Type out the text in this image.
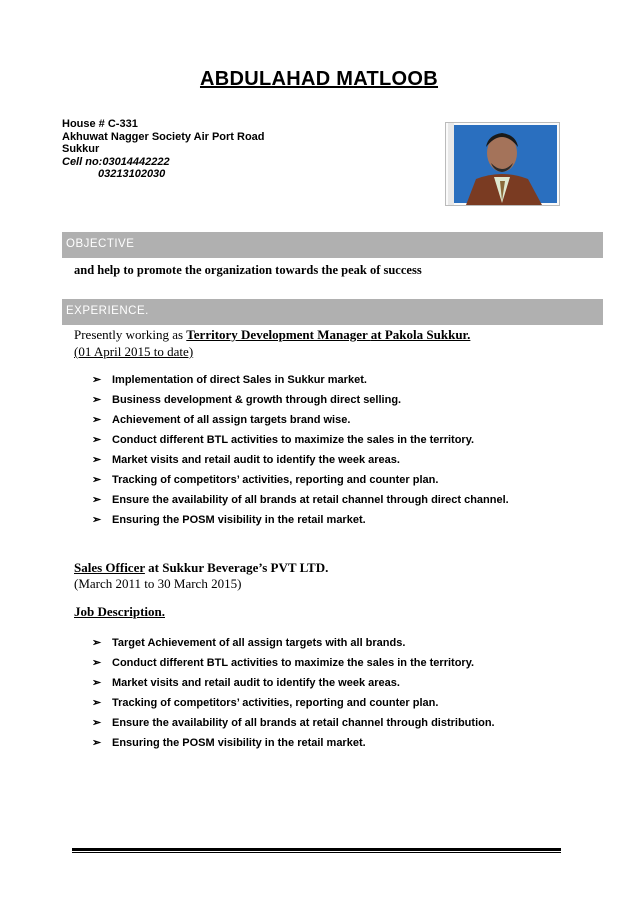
ABDULAHAD MATLOOB
House # C-331
Akhuwat Nagger Society Air Port Road
Sukkur
Cell no:03014442222
03213102030
OBJECTIVE
and help to promote the organization towards the peak of success
EXPERIENCE.
Presently working as Territory Development Manager at Pakola Sukkur.
(01 April 2015 to date)
➢ Implementation of direct Sales in Sukkur market.
➢ Business development & growth through direct selling.
➢ Achievement of all assign targets brand wise.
➢ Conduct different BTL activities to maximize the sales in the territory.
➢ Market visits and retail audit to identify the week areas.
➢ Tracking of competitors’ activities, reporting and counter plan.
➢ Ensure the availability of all brands at retail channel through direct channel.
➢ Ensuring the POSM visibility in the retail market.
Sales Officer at Sukkur Beverage’s PVT LTD.
(March 2011 to 30 March 2015)
Job Description.
➢ Target Achievement of all assign targets with all brands.
➢ Conduct different BTL activities to maximize the sales in the territory.
➢ Market visits and retail audit to identify the week areas.
➢ Tracking of competitors’ activities, reporting and counter plan.
➢ Ensure the availability of all brands at retail channel through distribution.
➢ Ensuring the POSM visibility in the retail market.
